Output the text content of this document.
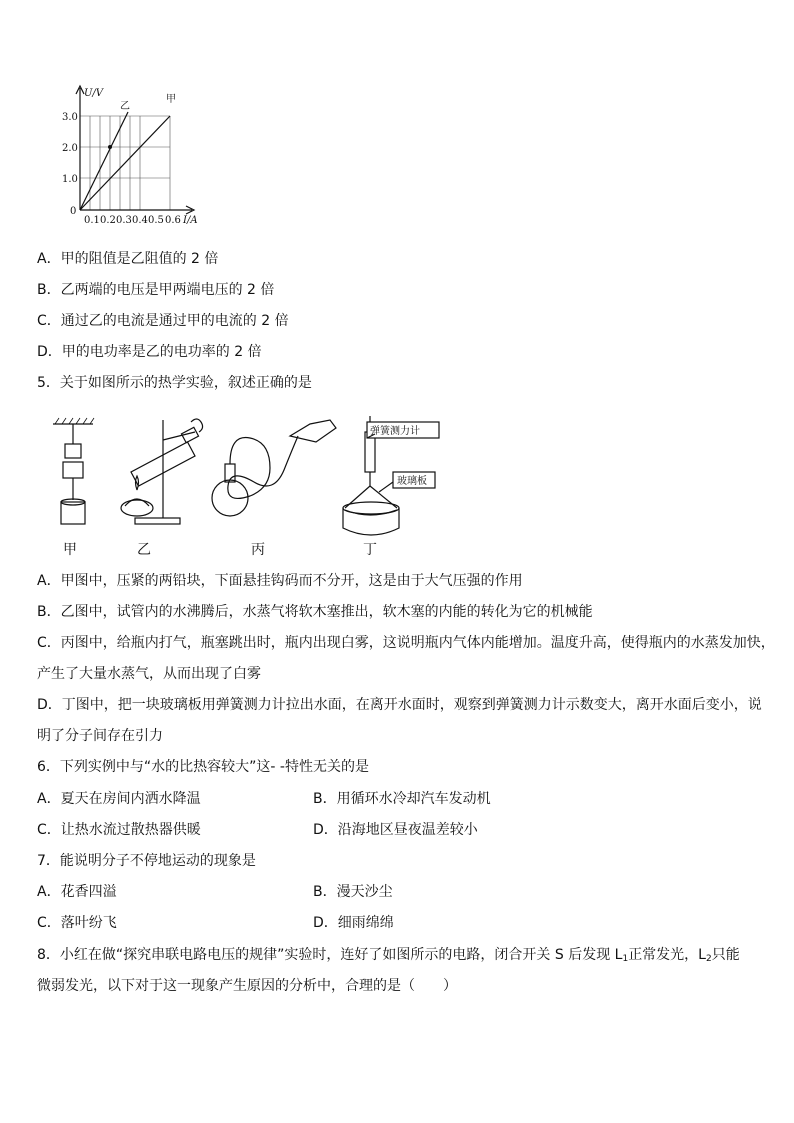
U/V
3.0
2.0
1.0
0
0.1 0.2 0.3 0.4 0.5 0.6 I/A
乙
甲
A．甲的阻值是乙阻值的 2 倍
B．乙两端的电压是甲两端电压的 2 倍
C．通过乙的电流是通过甲的电流的 2 倍
D．甲的电功率是乙的电功率的 2 倍
5．关于如图所示的热学实验，叙述正确的是
弹簧测力计
玻璃板
甲	乙	丙	丁
A．甲图中，压紧的两铅块，下面悬挂钩码而不分开，这是由于大气压强的作用
B．乙图中，试管内的水沸腾后，水蒸气将软木塞推出，软木塞的内能的转化为它的机械能
C．丙图中，给瓶内打气，瓶塞跳出时，瓶内出现白雾，这说明瓶内气体内能增加。温度升高，使得瓶内的水蒸发加快，
产生了大量水蒸气，从而出现了白雾
D．丁图中，把一块玻璃板用弹簧测力计拉出水面，在离开水面时，观察到弹簧测力计示数变大，离开水面后变小，说
明了分子间存在引力
6．下列实例中与“水的比热容较大”这- -特性无关的是
A．夏天在房间内洒水降温	B．用循环水冷却汽车发动机
C．让热水流过散热器供暖	D．沿海地区昼夜温差较小
7．能说明分子不停地运动的现象是
A．花香四溢	B．漫天沙尘
C．落叶纷飞	D．细雨绵绵
8．小红在做“探究串联电路电压的规律”实验时，连好了如图所示的电路，闭合开关 S 后发现 $L_1$正常发光，$L_2$只能
微弱发光，以下对于这一现象产生原因的分析中，合理的是（　　）
